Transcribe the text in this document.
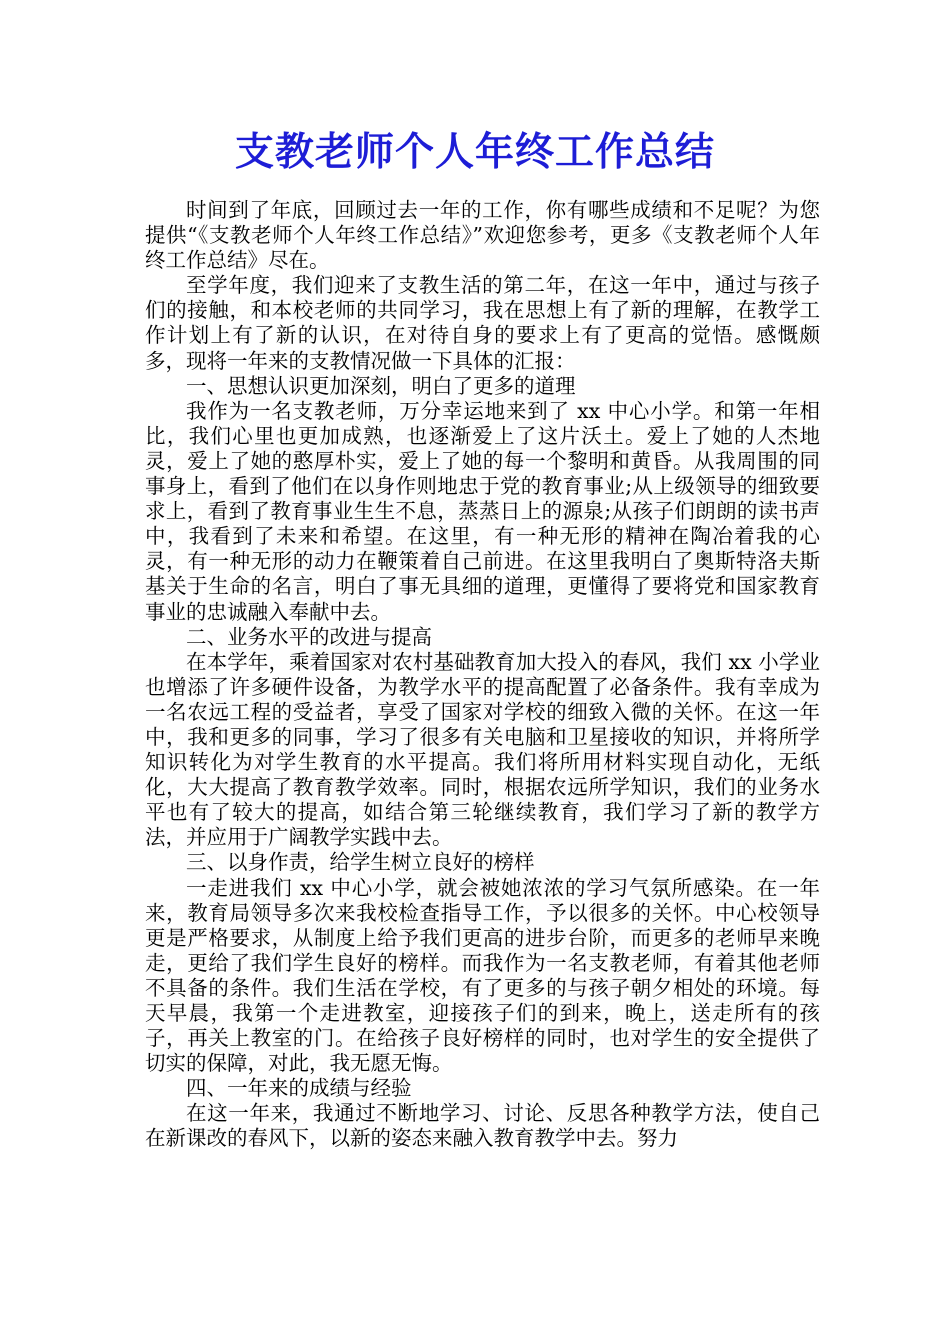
支教老师个人年终工作总结

时间到了年底，回顾过去一年的工作，你有哪些成绩和不足呢？为您提供“《支教老师个人年终工作总结》”欢迎您参考，更多《支教老师个人年终工作总结》尽在。

至学年度，我们迎来了支教生活的第二年，在这一年中，通过与孩子们的接触，和本校老师的共同学习，我在思想上有了新的理解，在教学工作计划上有了新的认识，在对待自身的要求上有了更高的觉悟。感慨颇多，现将一年来的支教情况做一下具体的汇报：

一、思想认识更加深刻，明白了更多的道理

我作为一名支教老师，万分幸运地来到了 xx 中心小学。和第一年相比，我们心里也更加成熟，也逐渐爱上了这片沃土。爱上了她的人杰地灵，爱上了她的憨厚朴实，爱上了她的每一个黎明和黄昏。从我周围的同事身上，看到了他们在以身作则地忠于党的教育事业;从上级领导的细致要求上，看到了教育事业生生不息，蒸蒸日上的源泉;从孩子们朗朗的读书声中，我看到了未来和希望。在这里，有一种无形的精神在陶冶着我的心灵，有一种无形的动力在鞭策着自己前进。在这里我明白了奥斯特洛夫斯基关于生命的名言，明白了事无具细的道理，更懂得了要将党和国家教育事业的忠诚融入奉献中去。

二、业务水平的改进与提高

在本学年，乘着国家对农村基础教育加大投入的春风，我们 xx 小学业也增添了许多硬件设备，为教学水平的提高配置了必备条件。我有幸成为一名农远工程的受益者，享受了国家对学校的细致入微的关怀。在这一年中，我和更多的同事，学习了很多有关电脑和卫星接收的知识，并将所学知识转化为对学生教育的水平提高。我们将所用材料实现自动化，无纸化，大大提高了教育教学效率。同时，根据农远所学知识，我们的业务水平也有了较大的提高，如结合第三轮继续教育，我们学习了新的教学方法，并应用于广阔教学实践中去。

三、以身作责，给学生树立良好的榜样

一走进我们 xx 中心小学，就会被她浓浓的学习气氛所感染。在一年来，教育局领导多次来我校检查指导工作，予以很多的关怀。中心校领导更是严格要求，从制度上给予我们更高的进步台阶，而更多的老师早来晚走，更给了我们学生良好的榜样。而我作为一名支教老师，有着其他老师不具备的条件。我们生活在学校，有了更多的与孩子朝夕相处的环境。每天早晨，我第一个走进教室，迎接孩子们的到来，晚上，送走所有的孩子，再关上教室的门。在给孩子良好榜样的同时，也对学生的安全提供了切实的保障，对此，我无愿无悔。

四、一年来的成绩与经验

在这一年来，我通过不断地学习、讨论、反思各种教学方法，使自己在新课改的春风下，以新的姿态来融入教育教学中去。努力
